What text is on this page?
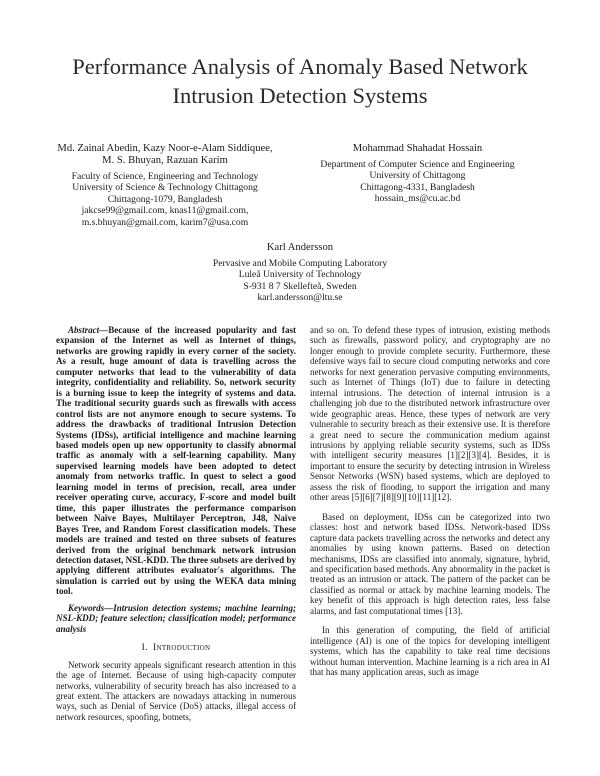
Performance Analysis of Anomaly Based Network
Intrusion Detection Systems
Md. Zainal Abedin, Kazy Noor-e-Alam Siddiquee,
M. S. Bhuyan, Razuan Karim
Faculty of Science, Engineering and Technology
University of Science & Technology Chittagong
Chittagong-1079, Bangladesh
jakcse99@gmail.com, knas11@gmail.com,
m.s.bhuyan@gmail.com, karim7@usa.com
Mohammad Shahadat Hossain
Department of Computer Science and Engineering
University of Chittagong
Chittagong-4331, Bangladesh
hossain_ms@cu.ac.bd
Karl Andersson
Pervasive and Mobile Computing Laboratory
Luleå University of Technology
S-931 8 7 Skellefteå, Sweden
karl.andersson@ltu.se

Abstract—Because of the increased popularity and fast expansion of the Internet as well as Internet of things, networks are growing rapidly in every corner of the society. As a result, huge amount of data is travelling across the computer networks that lead to the vulnerability of data integrity, confidentiality and reliability. So, network security is a burning issue to keep the integrity of systems and data. The traditional security guards such as firewalls with access control lists are not anymore enough to secure systems. To address the drawbacks of traditional Intrusion Detection Systems (IDSs), artificial intelligence and machine learning based models open up new opportunity to classify abnormal traffic as anomaly with a self-learning capability. Many supervised learning models have been adopted to detect anomaly from networks traffic. In quest to select a good learning model in terms of precision, recall, area under receiver operating curve, accuracy, F-score and model built time, this paper illustrates the performance comparison between Naïve Bayes, Multilayer Perceptron, J48, Naïve Bayes Tree, and Random Forest classification models. These models are trained and tested on three subsets of features derived from the original benchmark network intrusion detection dataset, NSL-KDD. The three subsets are derived by applying different attributes evaluator's algorithms. The simulation is carried out by using the WEKA data mining tool.

Keywords—Intrusion detection systems; machine learning; NSL-KDD; feature selection; classification model; performance analysis

I. Introduction

Network security appeals significant research attention in this the age of Internet. Because of using high-capacity computer networks, vulnerability of security breach has also increased to a great extent. The attackers are nowadays attacking in numerous ways, such as Denial of Service (DoS) attacks, illegal access of network resources, spoofing, botnets,

and so on. To defend these types of intrusion, existing methods such as firewalls, password policy, and cryptography are no longer enough to provide complete security. Furthermore, these defensive ways fail to secure cloud computing networks and core networks for next generation pervasive computing environments, such as Internet of Things (IoT) due to failure in detecting internal intrusions. The detection of internal intrusion is a challenging job due to the distributed network infrastructure over wide geographic areas. Hence, these types of network are very vulnerable to security breach as their extensive use. It is therefore a great need to secure the communication medium against intrusions by applying reliable security systems, such as IDSs with intelligent security measures [1][2][3][4]. Besides, it is important to ensure the security by detecting intrusion in Wireless Sensor Networks (WSN) based systems, which are deployed to assess the risk of flooding, to support the irrigation and many other areas [5][6][7][8][9][10][11][12].

Based on deployment, IDSs can be categorized into two classes: host and network based IDSs. Network-based IDSs capture data packets travelling across the networks and detect any anomalies by using known patterns. Based on detection mechanisms, IDSs are classified into anomaly, signature, hybrid, and specification based methods. Any abnormality in the packet is treated as an intrusion or attack. The pattern of the packet can be classified as normal or attack by machine learning models. The key benefit of this approach is high detection rates, less false alarms, and fast computational times [13].

In this generation of computing, the field of artificial intelligence (AI) is one of the topics for developing intelligent systems, which has the capability to take real time decisions without human intervention. Machine learning is a rich area in AI that has many application areas, such as image
